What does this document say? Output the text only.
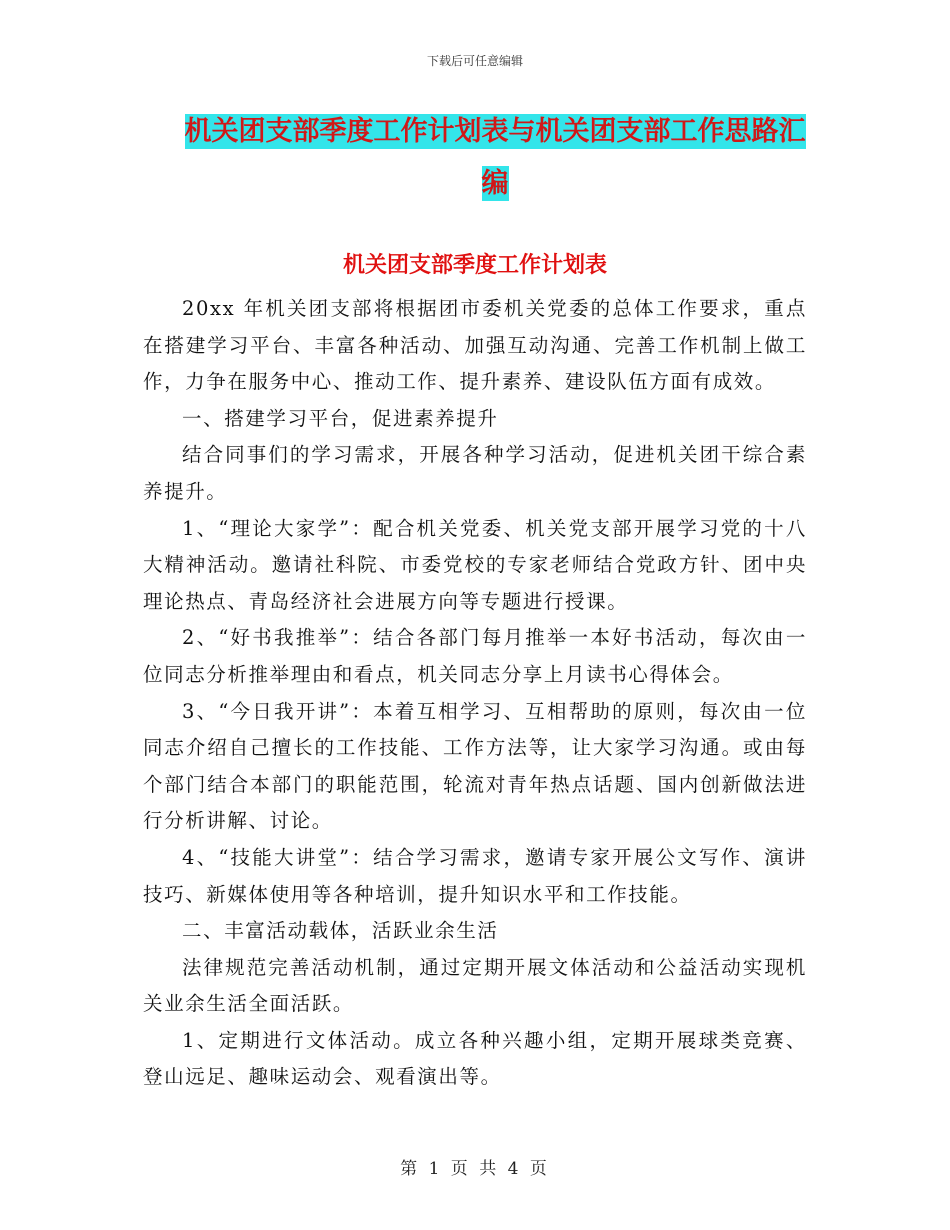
下载后可任意编辑
机关团支部季度工作计划表与机关团支部工作思路汇编
机关团支部季度工作计划表

20xx 年机关团支部将根据团市委机关党委的总体工作要求，重点在搭建学习平台、丰富各种活动、加强互动沟通、完善工作机制上做工作，力争在服务中心、推动工作、提升素养、建设队伍方面有成效。

一、搭建学习平台，促进素养提升

结合同事们的学习需求，开展各种学习活动，促进机关团干综合素养提升。

1、“理论大家学”：配合机关党委、机关党支部开展学习党的十八大精神活动。邀请社科院、市委党校的专家老师结合党政方针、团中央理论热点、青岛经济社会进展方向等专题进行授课。

2、“好书我推举”：结合各部门每月推举一本好书活动，每次由一位同志分析推举理由和看点，机关同志分享上月读书心得体会。

3、“今日我开讲”：本着互相学习、互相帮助的原则，每次由一位同志介绍自己擅长的工作技能、工作方法等，让大家学习沟通。或由每个部门结合本部门的职能范围，轮流对青年热点话题、国内创新做法进行分析讲解、讨论。

4、“技能大讲堂”：结合学习需求，邀请专家开展公文写作、演讲技巧、新媒体使用等各种培训，提升知识水平和工作技能。

二、丰富活动载体，活跃业余生活

法律规范完善活动机制，通过定期开展文体活动和公益活动实现机关业余生活全面活跃。

1、定期进行文体活动。成立各种兴趣小组，定期开展球类竞赛、登山远足、趣味运动会、观看演出等。

第 1 页 共 4 页
